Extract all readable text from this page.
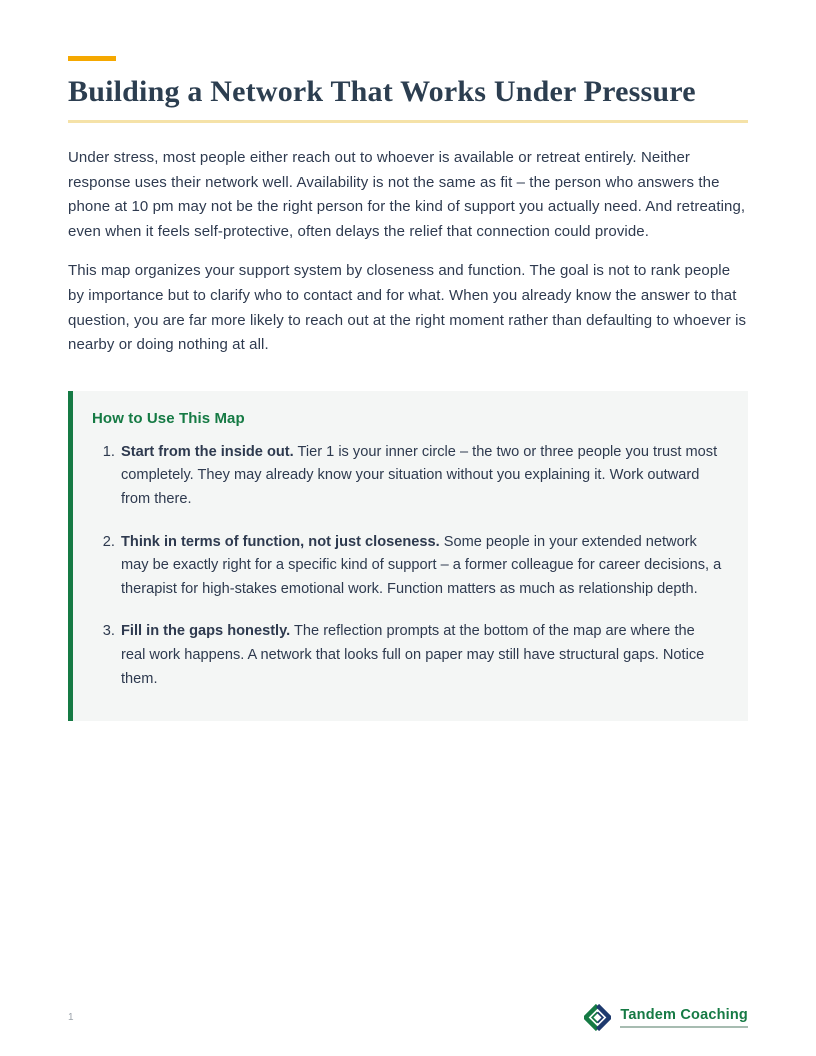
Building a Network That Works Under Pressure

Under stress, most people either reach out to whoever is available or retreat entirely. Neither response uses their network well. Availability is not the same as fit – the person who answers the phone at 10 pm may not be the right person for the kind of support you actually need. And retreating, even when it feels self-protective, often delays the relief that connection could provide.

This map organizes your support system by closeness and function. The goal is not to rank people by importance but to clarify who to contact and for what. When you already know the answer to that question, you are far more likely to reach out at the right moment rather than defaulting to whoever is nearby or doing nothing at all.

How to Use This Map
1. Start from the inside out. Tier 1 is your inner circle – the two or three people you trust most completely. They may already know your situation without you explaining it. Work outward from there.
2. Think in terms of function, not just closeness. Some people in your extended network may be exactly right for a specific kind of support – a former colleague for career decisions, a therapist for high-stakes emotional work. Function matters as much as relationship depth.
3. Fill in the gaps honestly. The reflection prompts at the bottom of the map are where the real work happens. A network that looks full on paper may still have structural gaps. Notice them.
1	Tandem Coaching
